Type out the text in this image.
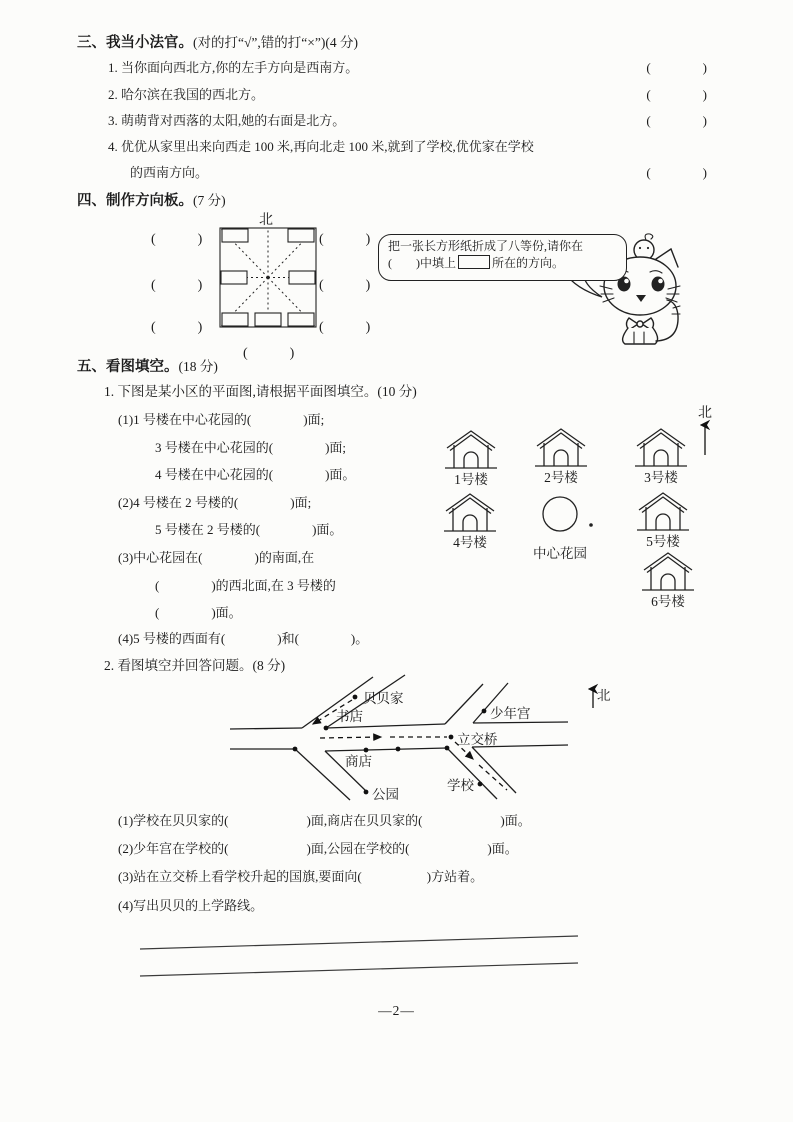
三、我当小法官。(对的打“√”,错的打“×”)(4 分)
1. 当你面向西北方,你的左手方向是西南方。	(　　　　)
2. 哈尔滨在我国的西北方。	(　　　　)
3. 萌萌背对西落的太阳,她的右面是北方。	(　　　　)
4. 优优从家里出来向西走 100 米,再向北走 100 米,就到了学校,优优家在学校
的西南方向。	(　　　　)
四、制作方向板。(7 分)
北
(　　　)	(　　　)
(　　　)	(　　　)
(　　　)	(　　　)
(　　　)
把一张长方形纸折成了八等份,请你在
(　　)中填上	所在的方向。
五、看图填空。(18 分)
1. 下图是某小区的平面图,请根据平面图填空。(10 分)
(1)1 号楼在中心花园的(　　　　)面;
3 号楼在中心花园的(　　　　)面;
4 号楼在中心花园的(　　　　)面。
(2)4 号楼在 2 号楼的(　　　　)面;
5 号楼在 2 号楼的(　　　　)面。
(3)中心花园在(　　　　)的南面,在
(　　　　)的西北面,在 3 号楼的
(　　　　)面。
(4)5 号楼的西面有(　　　　)和(　　　　)。
北
1号楼	2号楼	3号楼
4号楼
中心花园
5号楼
6号楼
2. 看图填空并回答问题。(8 分)
贝贝家
书店	少年宫
立交桥
商店
公园
学校
北
(1)学校在贝贝家的(　　　　　　)面,商店在贝贝家的(　　　　　　)面。
(2)少年宫在学校的(　　　　　　)面,公园在学校的(　　　　　　)面。
(3)站在立交桥上看学校升起的国旗,要面向(　　　　　)方站着。
(4)写出贝贝的上学路线。
—2—
